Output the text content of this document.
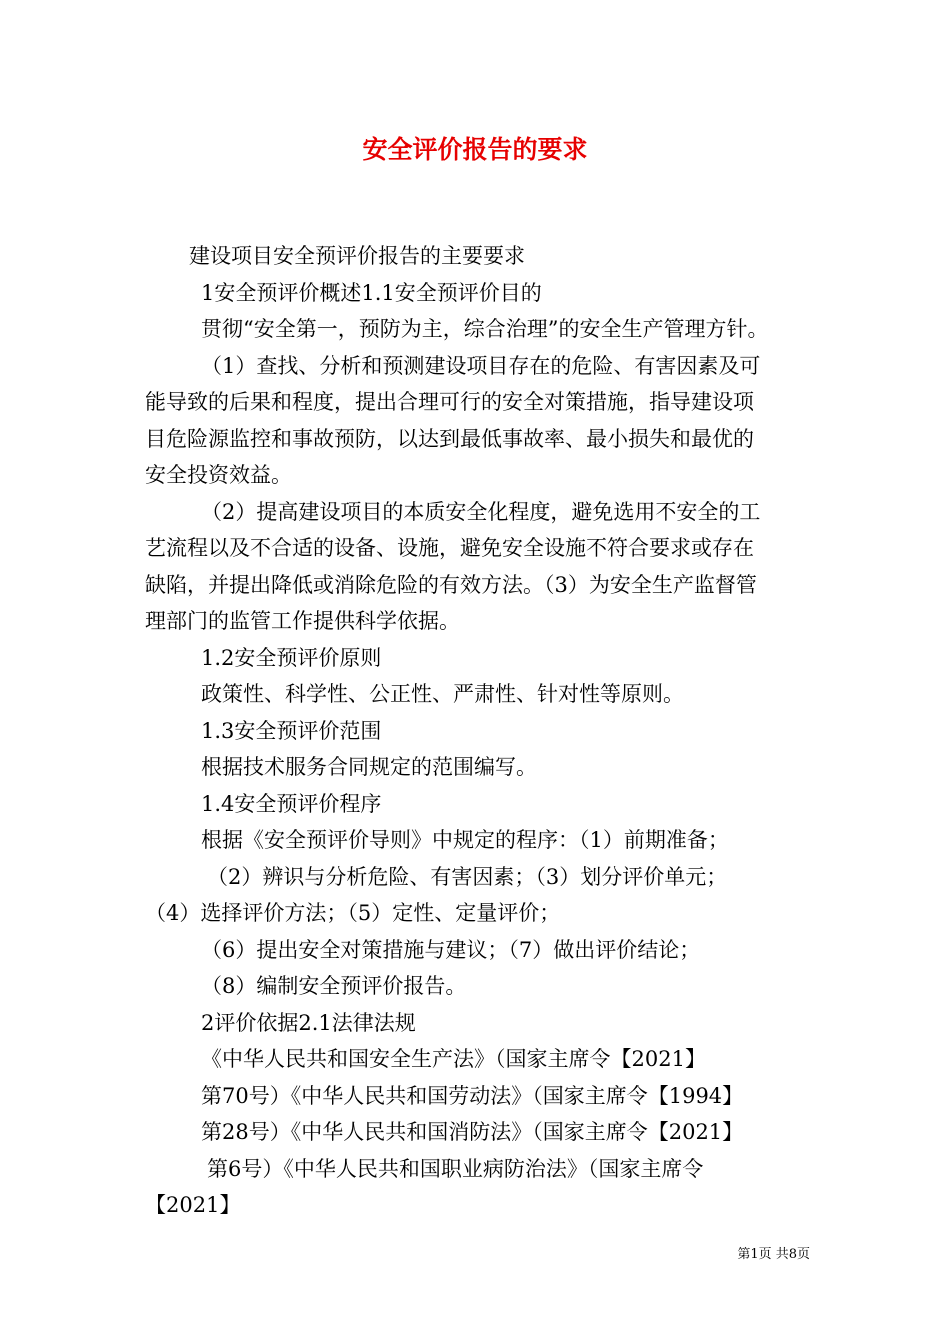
安全评价报告的要求

建设项目安全预评价报告的主要要求

1安全预评价概述1.1安全预评价目的

贯彻“安全第一，预防为主，综合治理”的安全生产管理方针。

（1）查找、分析和预测建设项目存在的危险、有害因素及可

能导致的后果和程度，提出合理可行的安全对策措施，指导建设项

目危险源监控和事故预防，以达到最低事故率、最小损失和最优的

安全投资效益。

（2）提高建设项目的本质安全化程度，避免选用不安全的工

艺流程以及不合适的设备、设施，避免安全设施不符合要求或存在

缺陷，并提出降低或消除危险的有效方法。（3）为安全生产监督管

理部门的监管工作提供科学依据。

1.2安全预评价原则

政策性、科学性、公正性、严肃性、针对性等原则。

1.3安全预评价范围

根据技术服务合同规定的范围编写。

1.4安全预评价程序

根据《安全预评价导则》中规定的程序：（1）前期准备；

（2）辨识与分析危险、有害因素；（3）划分评价单元；

（4）选择评价方法；（5）定性、定量评价；

（6）提出安全对策措施与建议；（7）做出评价结论；

（8）编制安全预评价报告。

2评价依据2.1法律法规

《中华人民共和国安全生产法》（国家主席令【2021】

第70号）《中华人民共和国劳动法》（国家主席令【1994】

第28号）《中华人民共和国消防法》（国家主席令【2021】

第6号）《中华人民共和国职业病防治法》（国家主席令

【2021】

第1页 共8页
